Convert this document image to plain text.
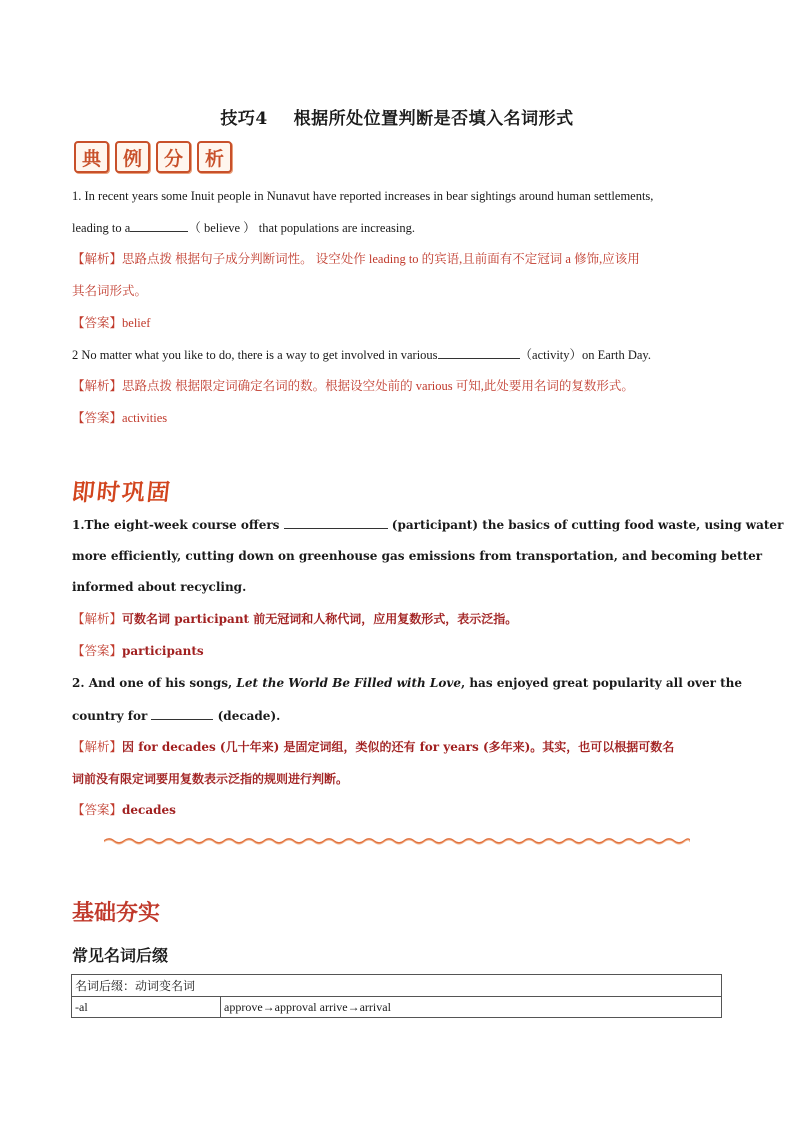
技巧4 根据所处位置判断是否填入名词形式
典	例	分	析
1. In recent years some Inuit people in Nunavut have reported increases in bear sightings around human settlements,
leading to a	（ believe ） that populations are increasing.
【解析】思路点拨 根据句子成分判断词性。 设空处作 leading to 的宾语,且前面有不定冠词 a 修饰,应该用
其名词形式。
【答案】belief
2 No matter what you like to do, there is a way to get involved in various	（activity）on Earth Day.
【解析】思路点拨 根据限定词确定名词的数。根据设空处前的 various 可知,此处要用名词的复数形式。
【答案】activities
即时巩固
1.The eight-week course offers	(participant) the basics of cutting food waste, using water
more efficiently, cutting down on greenhouse gas emissions from transportation, and becoming better
informed about recycling.
【解析】可数名词 participant 前无冠词和人称代词，应用复数形式，表示泛指。
【答案】participants
2. And one of his songs, Let the World Be Filled with Love, has enjoyed great popularity all over the
country for	(decade).
【解析】因 for decades (几十年来) 是固定词组，类似的还有 for years (多年来)。其实，也可以根据可数名
词前没有限定词要用复数表示泛指的规则进行判断。
【答案】decades
基础夯实
常见名词后缀
名词后缀：动词变名词
-al	approve→approval arrive→arrival
